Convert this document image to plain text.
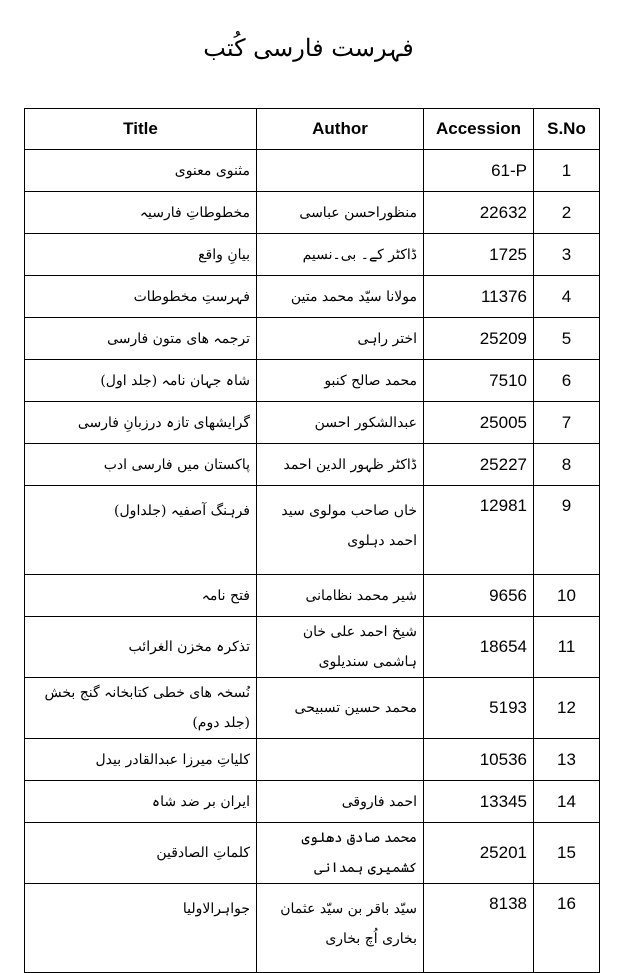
فہرست فارسی کُتب
Title	Author	Accession	S.No
مثنوی معنوی		61-P	1
مخطوطاتِ فارسیہ	منظوراحسن عباسی	22632	2
بیانِ واقع	ڈاکٹر کے۔ بی۔نسیم	1725	3
فہرستِ مخطوطات	مولانا سیّد محمد متین	11376	4
ترجمہ ھای متون فارسی	اختر راہی	25209	5
شاہ جہان نامہ (جلد اول)	محمد صالح کنبو	7510	6
گرایشھای تازہ درزبانِ فارسی	عبدالشکور احسن	25005	7
پاکستان میں فارسی ادب	ڈاکٹر ظہور الدین احمد	25227	8
فرہنگ آصفیہ (جلداول)	خاں صاحب مولوی سید احمد دہلوی	12981	9
فتح نامہ	شیر محمد نظامانی	9656	10
تذکرہ مخزن الغرائب	شیخ احمد علی خان ہاشمی سندیلوی	18654	11
نُسخہ ھای خطی کتابخانہ گنج بخش (جلد دوم)	محمد حسین تسبیحی	5193	12
کلیاتِ میرزا عبدالقادر بیدل		10536	13
ایران بر ضد شاہ	احمد فاروقی	13345	14
کلماتِ الصادقین	محمد صادق دھلوی کشمیری ہمدانی	25201	15
جواہرالاولیا	سیّد باقر بن سیّد عثمان بخاری اُچ بخاری	8138	16
